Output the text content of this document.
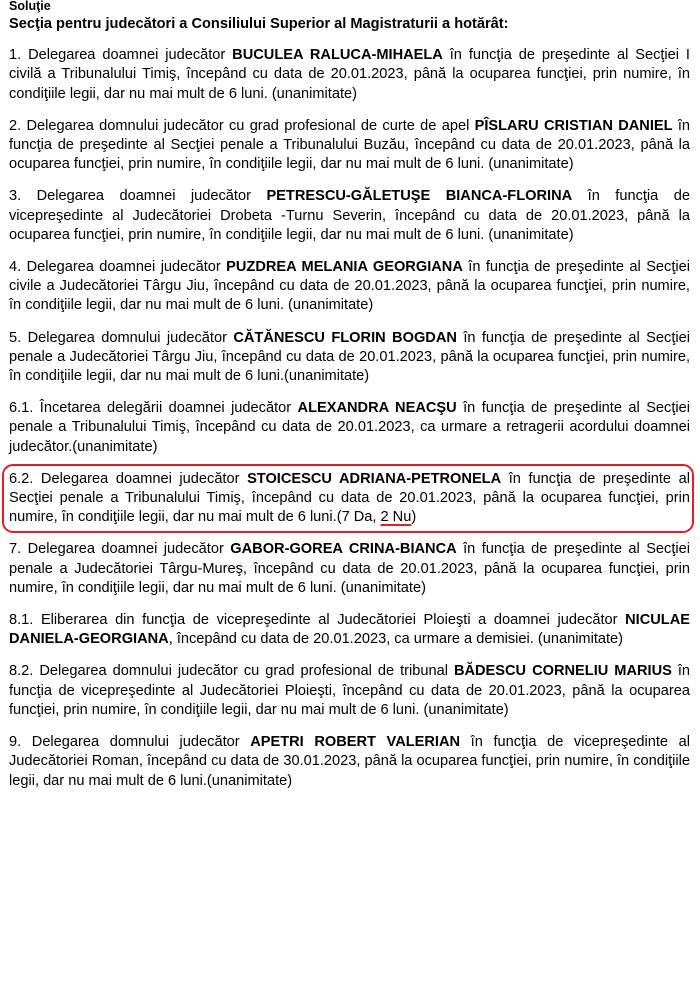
Soluţie

Secţia pentru judecători a Consiliului Superior al Magistraturii a hotărât:

1. Delegarea doamnei judecător BUCULEA RALUCA-MIHAELA în funcţia de preşedinte al Secţiei I civilă a Tribunalului Timiş, începând cu data de 20.01.2023, până la ocuparea funcţiei, prin numire, în condiţiile legii, dar nu mai mult de 6 luni. (unanimitate)

2. Delegarea domnului judecător cu grad profesional de curte de apel PÎSLARU CRISTIAN DANIEL în funcţia de preşedinte al Secţiei penale a Tribunalului Buzău, începând cu data de 20.01.2023, până la ocuparea funcţiei, prin numire, în condiţiile legii, dar nu mai mult de 6 luni. (unanimitate)

3. Delegarea doamnei judecător PETRESCU-GĂLETUŞE BIANCA-FLORINA în funcţia de vicepreşedinte al Judecătoriei Drobeta -Turnu Severin, începând cu data de 20.01.2023, până la ocuparea funcţiei, prin numire, în condiţiile legii, dar nu mai mult de 6 luni. (unanimitate)

4. Delegarea doamnei judecător PUZDREA MELANIA GEORGIANA în funcţia de preşedinte al Secţiei civile a Judecătoriei Târgu Jiu, începând cu data de 20.01.2023, până la ocuparea funcţiei, prin numire, în condiţiile legii, dar nu mai mult de 6 luni. (unanimitate)

5. Delegarea domnului judecător CĂTĂNESCU FLORIN BOGDAN în funcţia de preşedinte al Secţiei penale a Judecătoriei Târgu Jiu, începând cu data de 20.01.2023, până la ocuparea funcţiei, prin numire, în condiţiile legii, dar nu mai mult de 6 luni.(unanimitate)

6.1. Încetarea delegării doamnei judecător ALEXANDRA NEACŞU în funcţia de preşedinte al Secţiei penale a Tribunalului Timiş, începând cu data de 20.01.2023, ca urmare a retragerii acordului doamnei judecător.(unanimitate)

6.2. Delegarea doamnei judecător STOICESCU ADRIANA-PETRONELA în funcţia de preşedinte al Secţiei penale a Tribunalului Timiş, începând cu data de 20.01.2023, până la ocuparea funcţiei, prin numire, în condiţiile legii, dar nu mai mult de 6 luni.(7 Da, 2 Nu)

7. Delegarea doamnei judecător GABOR-GOREA CRINA-BIANCA în funcţia de preşedinte al Secţiei penale a Judecătoriei Târgu-Mureş, începând cu data de 20.01.2023, până la ocuparea funcţiei, prin numire, în condiţiile legii, dar nu mai mult de 6 luni. (unanimitate)

8.1. Eliberarea din funcţia de vicepreşedinte al Judecătoriei Ploieşti a doamnei judecător NICULAE DANIELA-GEORGIANA, începând cu data de 20.01.2023, ca urmare a demisiei. (unanimitate)

8.2. Delegarea domnului judecător cu grad profesional de tribunal BĂDESCU CORNELIU MARIUS în funcţia de vicepreşedinte al Judecătoriei Ploieşti, începând cu data de 20.01.2023, până la ocuparea funcţiei, prin numire, în condiţiile legii, dar nu mai mult de 6 luni. (unanimitate)

9. Delegarea domnului judecător APETRI ROBERT VALERIAN în funcţia de vicepreşedinte al Judecătoriei Roman, începând cu data de 30.01.2023, până la ocuparea funcţiei, prin numire, în condiţiile legii, dar nu mai mult de 6 luni.(unanimitate)
